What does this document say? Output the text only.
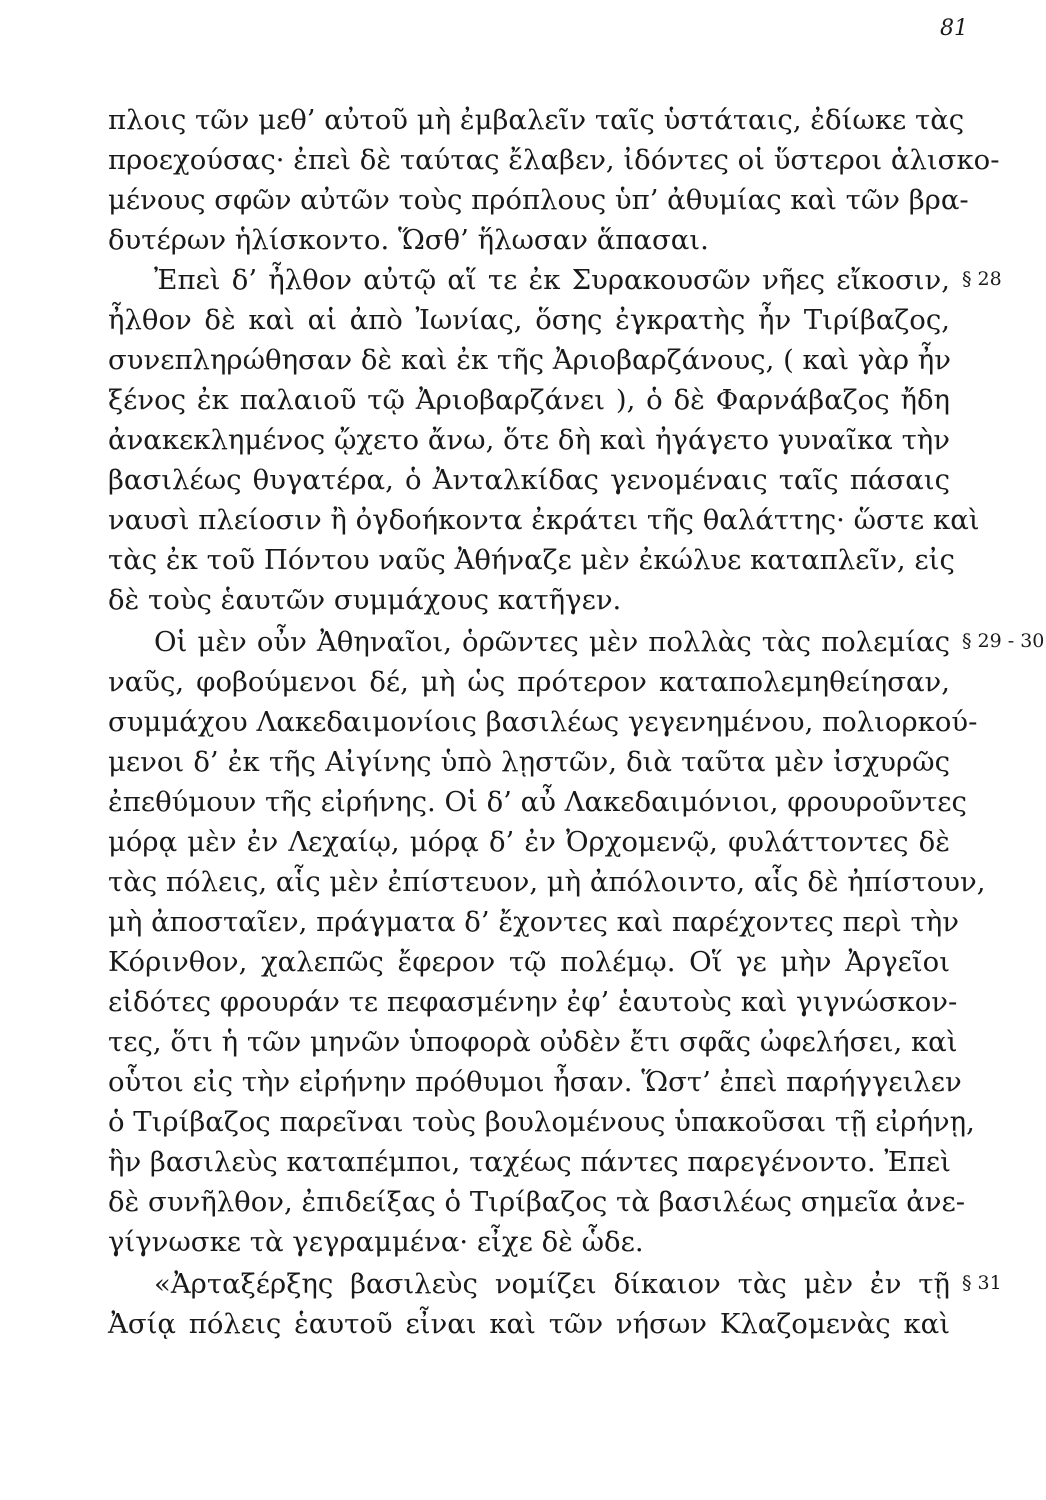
81
πλοις τῶν μεθ’ αὐτοῦ μὴ ἐμβαλεῖν ταῖς ὑστάταις, ἐδίωκε τὰς
προεχούσας· ἐπεὶ δὲ ταύτας ἔλαβεν, ἰδόντες οἱ ὕστεροι ἁλισκο-
μένους σφῶν αὐτῶν τοὺς πρόπλους ὑπ’ ἀθυμίας καὶ τῶν βρα-
δυτέρων ἡλίσκοντο. Ὥσθ’ ἥλωσαν ἅπασαι.
Ἐπεὶ δ’ ἦλθον αὐτῷ αἵ τε ἐκ Συρακουσῶν νῆες εἴκοσιν,
ἦλθον δὲ καὶ αἱ ἀπὸ Ἰωνίας, ὅσης ἐγκρατὴς ἦν Τιρίβαζος,
συνεπληρώθησαν δὲ καὶ ἐκ τῆς Ἀριοβαρζάνους, ( καὶ γὰρ ἦν
ξένος ἐκ παλαιοῦ τῷ Ἀριοβαρζάνει ), ὁ δὲ Φαρνάβαζος ἤδη
ἀνακεκλημένος ᾤχετο ἄνω, ὅτε δὴ καὶ ἠγάγετο γυναῖκα τὴν
βασιλέως θυγατέρα, ὁ Ἀνταλκίδας γενομέναις ταῖς πάσαις
ναυσὶ πλείοσιν ἢ ὀγδοήκοντα ἐκράτει τῆς θαλάττης· ὥστε καὶ
τὰς ἐκ τοῦ Πόντου ναῦς Ἀθήναζε μὲν ἐκώλυε καταπλεῖν, εἰς
δὲ τοὺς ἑαυτῶν συμμάχους κατῆγεν.
Οἱ μὲν οὖν Ἀθηναῖοι, ὁρῶντες μὲν πολλὰς τὰς πολεμίας
ναῦς, φοβούμενοι δέ, μὴ ὡς πρότερον καταπολεμηθείησαν,
συμμάχου Λακεδαιμονίοις βασιλέως γεγενημένου, πολιορκού-
μενοι δ’ ἐκ τῆς Αἰγίνης ὑπὸ λῃστῶν, διὰ ταῦτα μὲν ἰσχυρῶς
ἐπεθύμουν τῆς εἰρήνης. Οἱ δ’ αὖ Λακεδαιμόνιοι, φρουροῦντες
μόρᾳ μὲν ἐν Λεχαίῳ, μόρᾳ δ’ ἐν Ὀρχομενῷ, φυλάττοντες δὲ
τὰς πόλεις, αἷς μὲν ἐπίστευον, μὴ ἀπόλοιντο, αἷς δὲ ἠπίστουν,
μὴ ἀποσταῖεν, πράγματα δ’ ἔχοντες καὶ παρέχοντες περὶ τὴν
Κόρινθον, χαλεπῶς ἔφερον τῷ πολέμῳ. Οἵ γε μὴν Ἀργεῖοι
εἰδότες φρουράν τε πεφασμένην ἐφ’ ἑαυτοὺς καὶ γιγνώσκον-
τες, ὅτι ἡ τῶν μηνῶν ὑποφορὰ οὐδὲν ἔτι σφᾶς ὠφελήσει, καὶ
οὗτοι εἰς τὴν εἰρήνην πρόθυμοι ἦσαν. Ὥστ’ ἐπεὶ παρήγγειλεν
ὁ Τιρίβαζος παρεῖναι τοὺς βουλομένους ὑπακοῦσαι τῇ εἰρήνῃ,
ἣν βασιλεὺς καταπέμποι, ταχέως πάντες παρεγένοντο. Ἐπεὶ
δὲ συνῆλθον, ἐπιδείξας ὁ Τιρίβαζος τὰ βασιλέως σημεῖα ἀνε-
γίγνωσκε τὰ γεγραμμένα· εἶχε δὲ ὧδε.
«Ἀρταξέρξης βασιλεὺς νομίζει δίκαιον τὰς μὲν ἐν τῇ
Ἀσίᾳ πόλεις ἑαυτοῦ εἶναι καὶ τῶν νήσων Κλαζομενὰς καὶ
§ 28
§ 29 - 30
§ 31
